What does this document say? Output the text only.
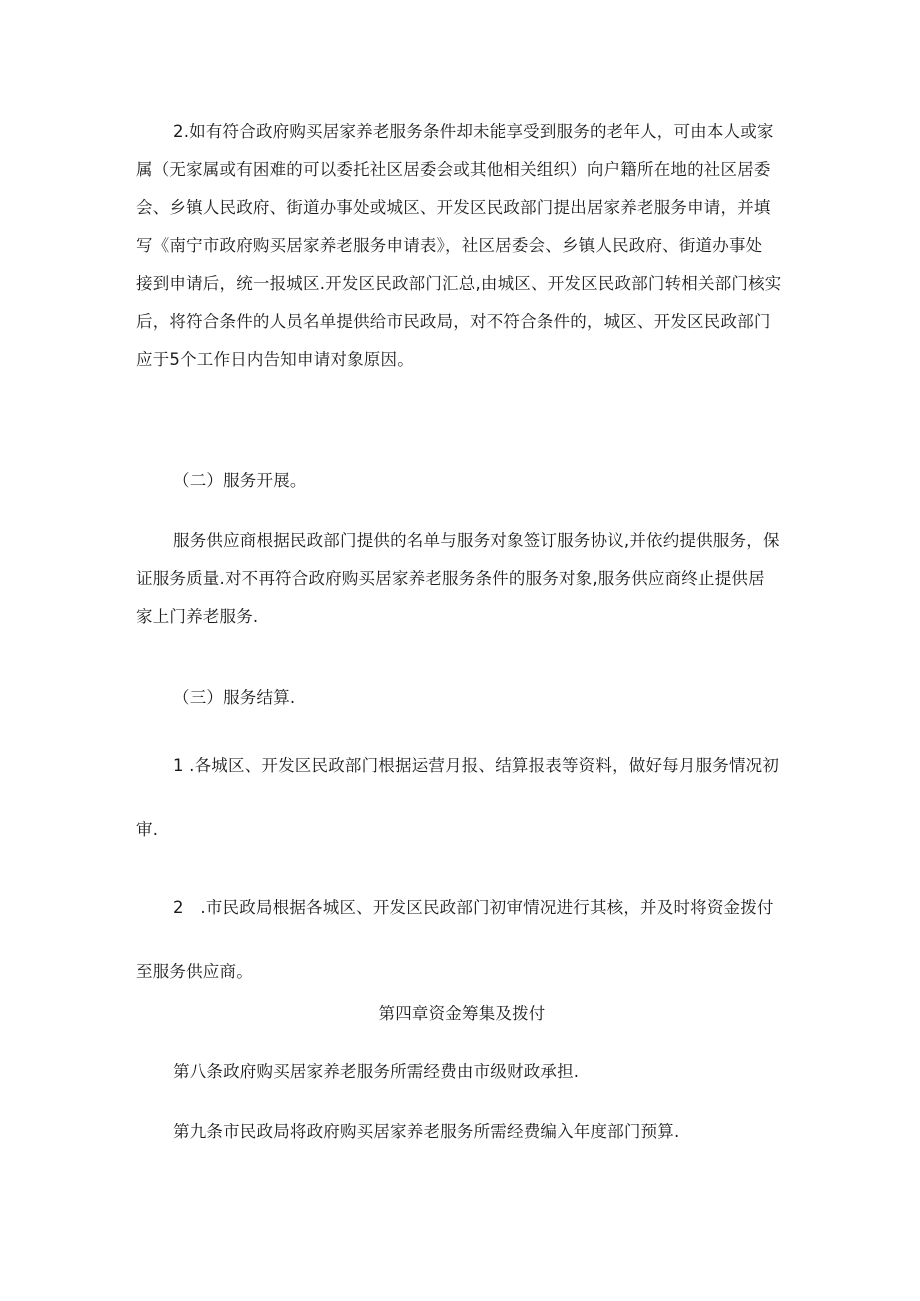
2.如有符合政府购买居家养老服务条件却未能享受到服务的老年人，可由本人或家
属（无家属或有困难的可以委托社区居委会或其他相关组织）向户籍所在地的社区居委
会、乡镇人民政府、街道办事处或城区、开发区民政部门提出居家养老服务申请，并填
写《南宁市政府购买居家养老服务申请表》，社区居委会、乡镇人民政府、街道办事处
接到申请后，统一报城区.开发区民政部门汇总,由城区、开发区民政部门转相关部门核实
后，将符合条件的人员名单提供给市民政局，对不符合条件的，城区、开发区民政部门
应于5个工作日内告知申请对象原因。

（二）服务开展。

服务供应商根据民政部门提供的名单与服务对象签订服务协议,并依约提供服务，保
证服务质量.对不再符合政府购买居家养老服务条件的服务对象,服务供应商终止提供居
家上门养老服务.

（三）服务结算.

1 .各城区、开发区民政部门根据运营月报、结算报表等资料，做好每月服务情况初
审.

2　.市民政局根据各城区、开发区民政部门初审情况进行其核，并及时将资金拨付
至服务供应商。

第四章资金筹集及拨付

第八条政府购买居家养老服务所需经费由市级财政承担.

第九条市民政局将政府购买居家养老服务所需经费编入年度部门预算.
